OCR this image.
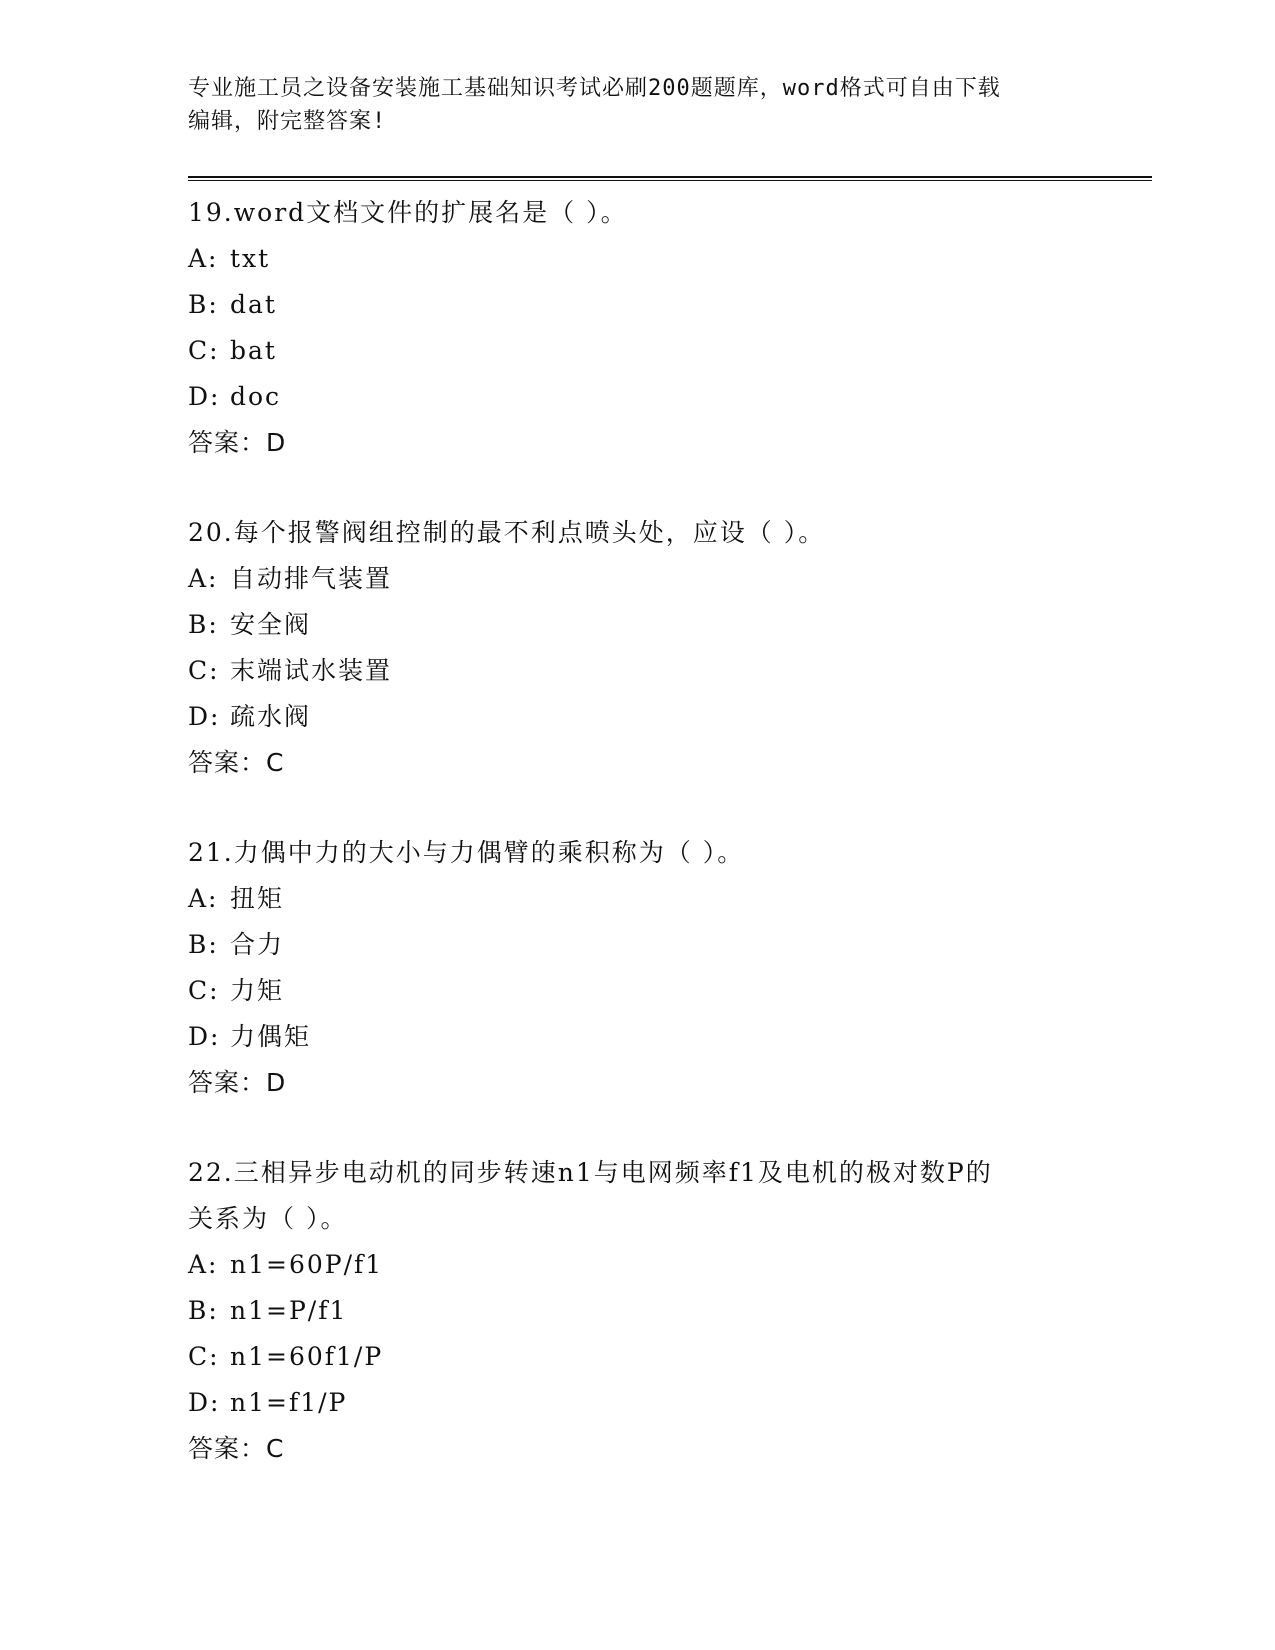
专业施工员之设备安装施工基础知识考试必刷200题题库，word格式可自由下载
编辑，附完整答案!

19.word文档文件的扩展名是（ ）。

A: txt

B: dat

C: bat

D: doc

答案：D

20.每个报警阀组控制的最不利点喷头处，应设（ ）。

A: 自动排气装置

B: 安全阀

C: 末端试水装置

D: 疏水阀

答案：C

21.力偶中力的大小与力偶臂的乘积称为（ ）。

A: 扭矩

B: 合力

C: 力矩

D: 力偶矩

答案：D

22.三相异步电动机的同步转速n1与电网频率f1及电机的极对数P的

关系为（ ）。

A: n1=60P/f1

B: n1=P/f1

C: n1=60f1/P

D: n1=f1/P

答案：C
